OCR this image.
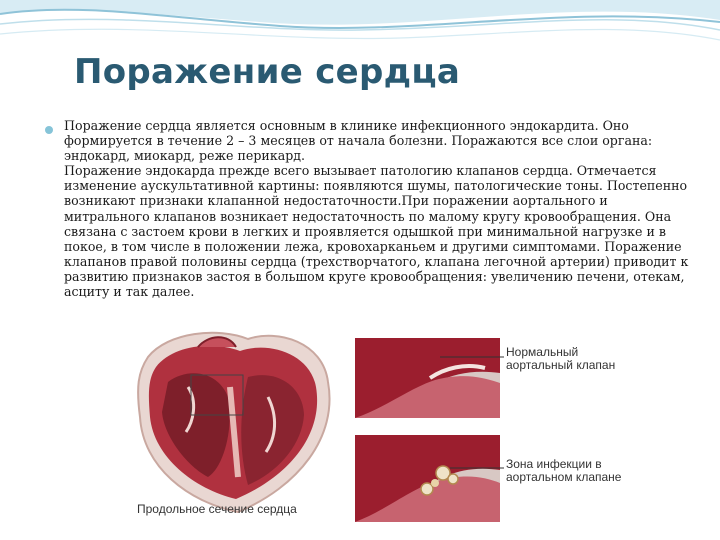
Поражение сердца

Поражение сердца является основным в клинике инфекционного эндокардита. Оно формируется в течение 2 – 3 месяцев от начала болезни. Поражаются все слои органа: эндокард, миокард, реже перикард.

Поражение эндокарда прежде всего вызывает патологию клапанов сердца. Отмечается изменение аускультативной картины: появляются шумы, патологические тоны. Постепенно возникают признаки клапанной недостаточности.При поражении аортального и митрального клапанов возникает недостаточность по малому кругу кровообращения. Она связана с застоем крови в легких и проявляется одышкой при минимальной нагрузке и в покое, в том числе в положении лежа, кровохарканьем и другими симптомами. Поражение клапанов правой половины сердца (трехстворчатого, клапана легочной артерии) приводит к развитию признаков застоя в большом круге кровообращения: увеличению печени, отекам, асциту и так далее.

Нормальный аортальный клапан

Зона инфекции в аортальном клапане

Продольное сечение сердца
